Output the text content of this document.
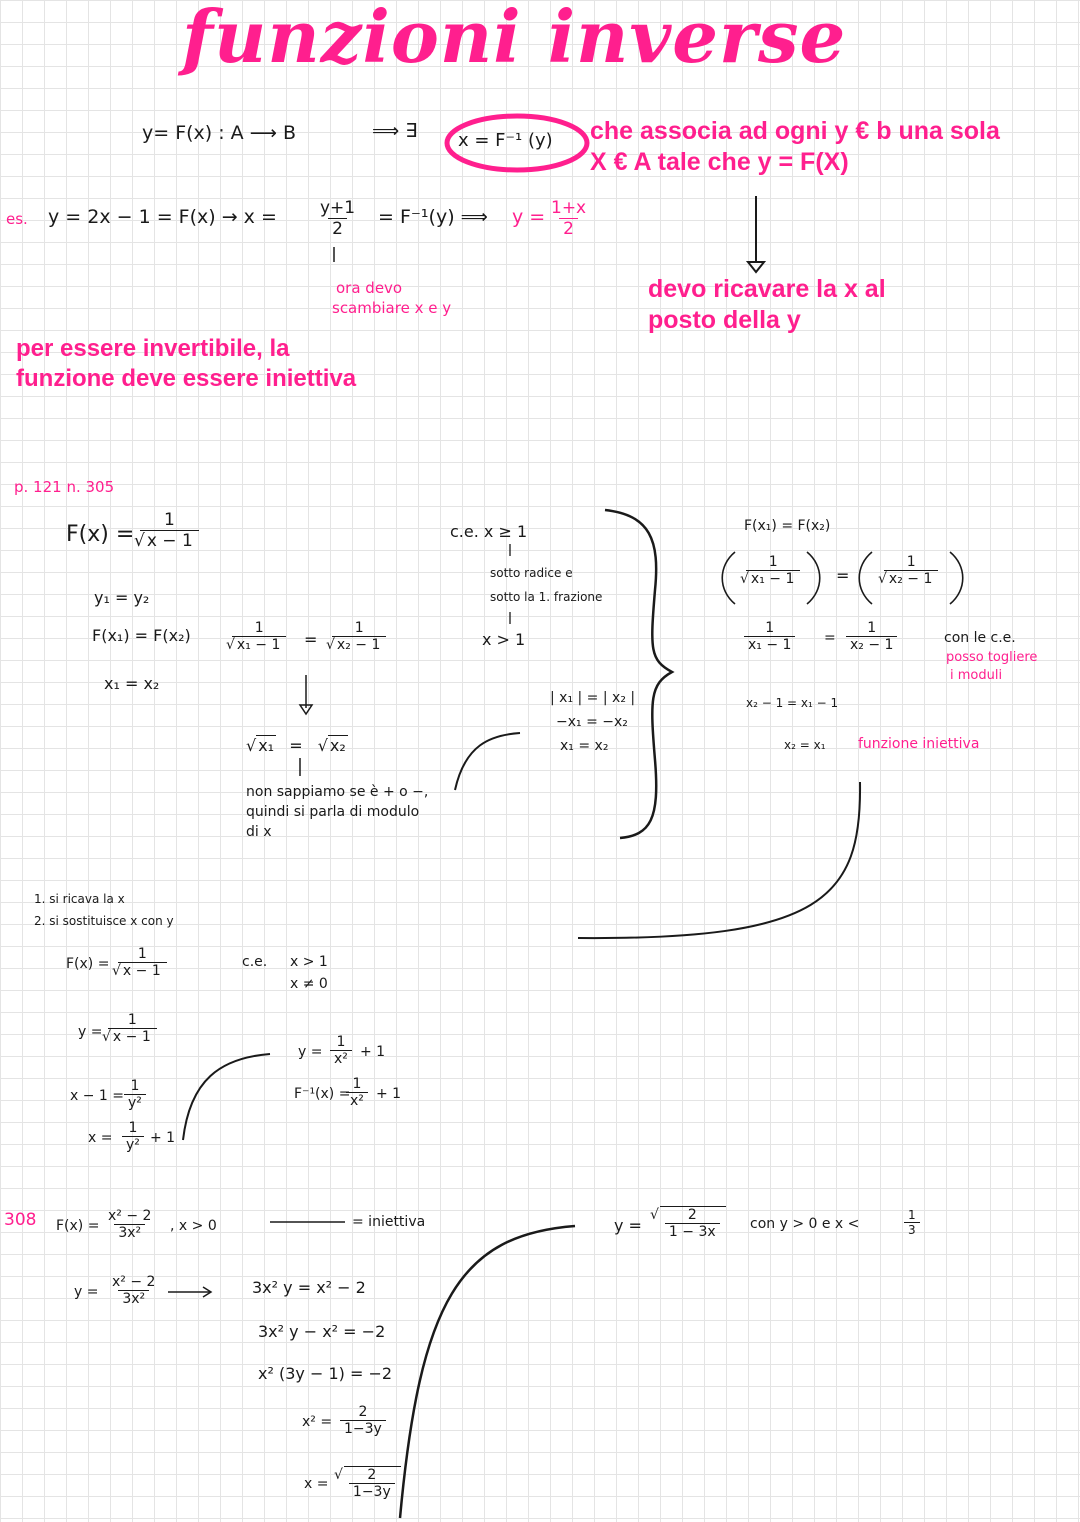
funzioni inverse
y= F(x) : A ⟶ B	⟹ ∃ x = F⁻¹ (y) che associa ad ogni y € b una sola
X € A tale che y = F(X)
devo ricavare la x al
posto della y
es. $y = 2x - 1 = F(x) \to x = \frac{y+1}{2} = F^{-1}(y)$ ⟹ $y = \frac{1+x}{2}$
ora devo
scambiare x e y
per essere invertibile, la
funzione deve essere iniettiva
p. 121 n. 305
F(x) = 1
√ x − 1
y₁ = y₂
F(x₁) = F(x₂)
x₁ = x₂
1
√ x₁ − 1 = 1
√ x₂ − 1
√ x₁ = √ x₂
non sappiamo se è + o −,
quindi si parla di modulo
di x
c.e. x ≥ 1
sotto radice e
sotto la 1. frazione
x > 1
| x₁ | = | x₂ |
−x₁ = −x₂
x₁ = x₂
F(x₁) = F(x₂)
1
√ x₁ − 1 = 1
√ x₂ − 1
$\frac{1}{\text{x₁ − 1}} = \frac{1}{\text{x₂ − 1}}$
x₂ − 1 = x₁ − 1
x₂ = x₁ funzione iniettiva
con le c.e.
posso togliere
i moduli
1. si ricava la x
2. si sostituisce x con y
F(x) = 1
√ x − 1	c.e. x > 1
x ≠ 0
y = 1
√ x − 1
$x - 1 = \frac{1}{\text{y²}}$
$x = \frac{1}{\text{y²}} + 1$
$y = \frac{1}{\text{x²}} + 1$
F⁻¹(x) =
$\frac{1}{\text{x²}} + 1$
308 $F(x) = \frac{\text{x² − 2}}{\text{3x²}}$ , x > 0	= iniettiva
$y = \frac{\text{x² − 2}}{\text{3x²}}$	3x² y = x² − 2
3x² y − x² = −2
x² (3y − 1) = −2
$x^2 = \frac{2}{1-3y}$
x = √ $\frac{2}{1-3y}$
y = √ $\frac{2}{1 - 3x}$ con y > 0 e x <	$\frac{1}{3}$
